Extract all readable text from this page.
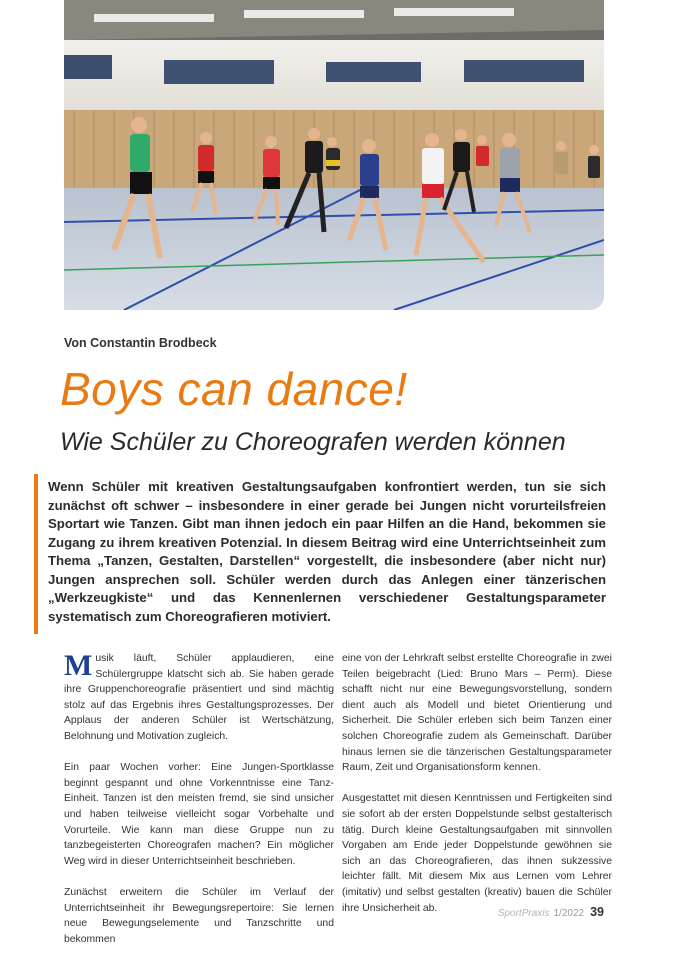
Von Constantin Brodbeck
Boys can dance!
Wie Schüler zu Choreografen werden können

Wenn Schüler mit kreativen Gestaltungsaufgaben konfrontiert werden, tun sie sich zunächst oft schwer – insbesondere in einer gerade bei Jungen nicht vorurteilsfreien Sportart wie Tanzen. Gibt man ihnen jedoch ein paar Hilfen an die Hand, bekommen sie Zugang zu ihrem kreativen Potenzial. In diesem Beitrag wird eine Unterrichtseinheit zum Thema „Tanzen, Gestalten, Darstellen“ vorgestellt, die insbesondere (aber nicht nur) Jungen ansprechen soll. Schüler werden durch das Anlegen einer tänzerischen „Werkzeugkiste“ und das Kennenlernen verschiedener Gestaltungsparameter systematisch zum Choreografieren motiviert.

Musik läuft, Schüler applaudieren, eine Schülergruppe klatscht sich ab. Sie haben gerade ihre Gruppenchoreografie präsentiert und sind mächtig stolz auf das Ergebnis ihres Gestaltungsprozesses. Der Applaus der anderen Schüler ist Wertschätzung, Belohnung und Motivation zugleich.

Ein paar Wochen vorher: Eine Jungen-Sportklasse beginnt gespannt und ohne Vorkenntnisse eine Tanz-Einheit. Tanzen ist den meisten fremd, sie sind unsicher und haben teilweise vielleicht sogar Vorbehalte und Vorurteile. Wie kann man diese Gruppe nun zu tanzbegeisterten Choreografen machen? Ein möglicher Weg wird in dieser Unterrichtseinheit beschrieben.

Zunächst erweitern die Schüler im Verlauf der Unterrichtseinheit ihr Bewegungsrepertoire: Sie lernen neue Bewegungselemente und Tanzschritte und bekommen

eine von der Lehrkraft selbst erstellte Choreografie in zwei Teilen beigebracht (Lied: Bruno Mars – Perm). Diese schafft nicht nur eine Bewegungsvorstellung, sondern dient auch als Modell und bietet Orientierung und Sicherheit. Die Schüler erleben sich beim Tanzen einer solchen Choreografie zudem als Gemeinschaft. Darüber hinaus lernen sie die tänzerischen Gestaltungsparameter Raum, Zeit und Organisationsform kennen.

Ausgestattet mit diesen Kenntnissen und Fertigkeiten sind sie sofort ab der ersten Doppelstunde selbst gestalterisch tätig. Durch kleine Gestaltungsaufgaben mit sinnvollen Vorgaben am Ende jeder Doppelstunde gewöhnen sie sich an das Choreografieren, das ihnen sukzessive leichter fällt. Mit diesem Mix aus Lernen vom Lehrer (imitativ) und selbst gestalten (kreativ) bauen die Schüler ihre Unsicherheit ab.	SportPraxis 1/2022 39
